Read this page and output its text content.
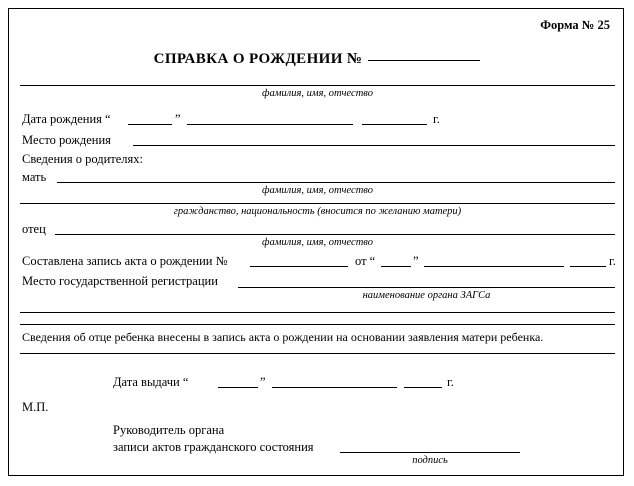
Форма № 25
СПРАВКА О РОЖДЕНИИ №
фамилия, имя, отчество
Дата рождения “	”	г.
Место рождения
Сведения о родителях:
мать
фамилия, имя, отчество
гражданство, национальность (вносится по желанию матери)
отец
фамилия, имя, отчество
Составлена запись акта о рождении №	от “	”	г.
Место государственной регистрации
наименование органа ЗАГСа
Сведения об отце ребенка внесены в запись акта о рождении на основании заявления матери ребенка.
Дата выдачи “	”	г.
М.П.
Руководитель органа
записи актов гражданского состояния
подпись
